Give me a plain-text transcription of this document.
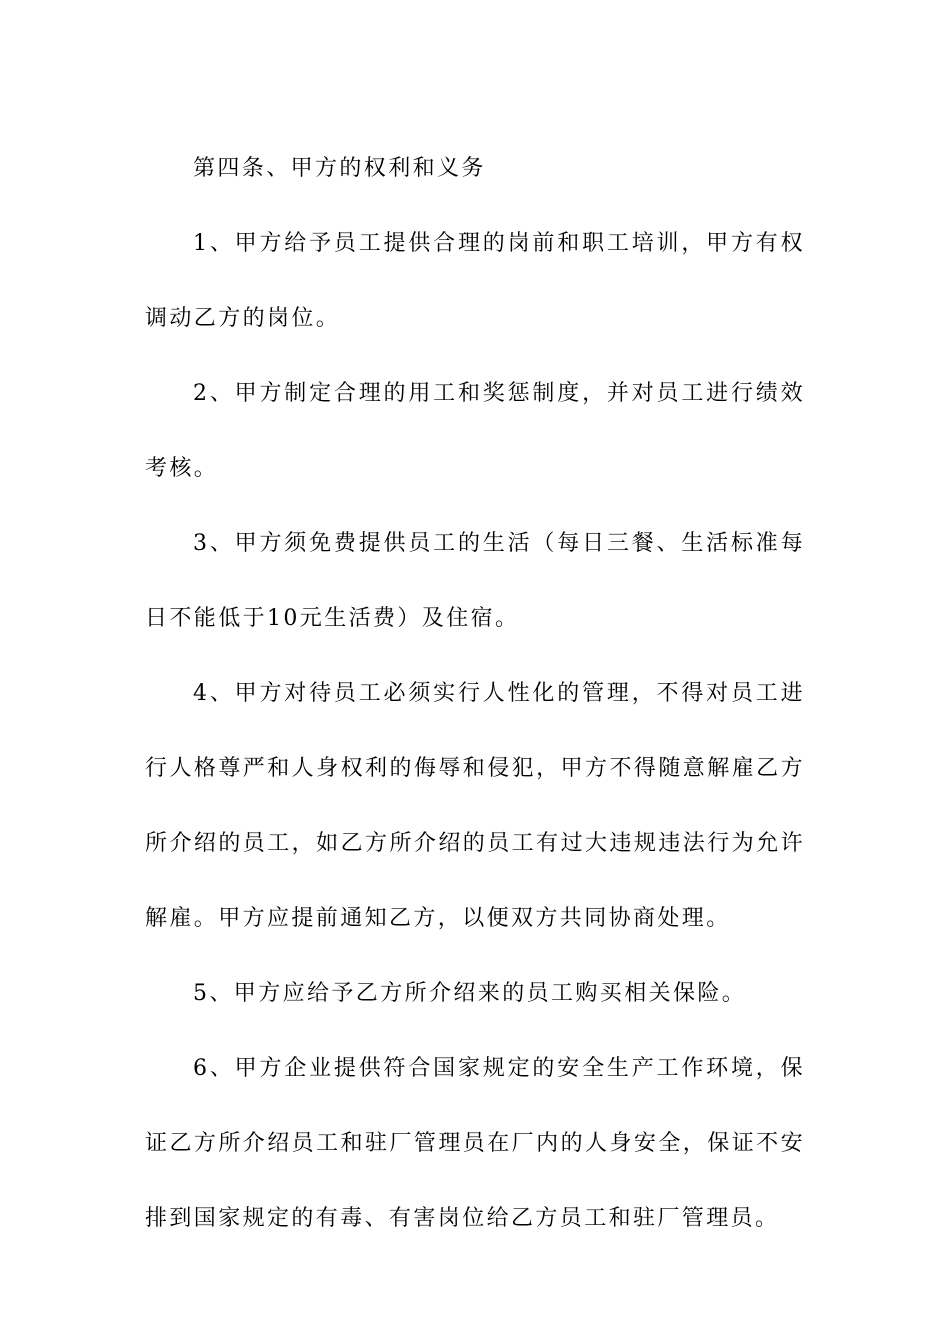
第四条、甲方的权利和义务

1、甲方给予员工提供合理的岗前和职工培训，甲方有权调动乙方的岗位。

2、甲方制定合理的用工和奖惩制度，并对员工进行绩效考核。

3、甲方须免费提供员工的生活（每日三餐、生活标准每日不能低于10元生活费）及住宿。

4、甲方对待员工必须实行人性化的管理，不得对员工进行人格尊严和人身权利的侮辱和侵犯，甲方不得随意解雇乙方所介绍的员工，如乙方所介绍的员工有过大违规违法行为允许解雇。甲方应提前通知乙方，以便双方共同协商处理。

5、甲方应给予乙方所介绍来的员工购买相关保险。

6、甲方企业提供符合国家规定的安全生产工作环境，保证乙方所介绍员工和驻厂管理员在厂内的人身安全，保证不安排到国家规定的有毒、有害岗位给乙方员工和驻厂管理员。
